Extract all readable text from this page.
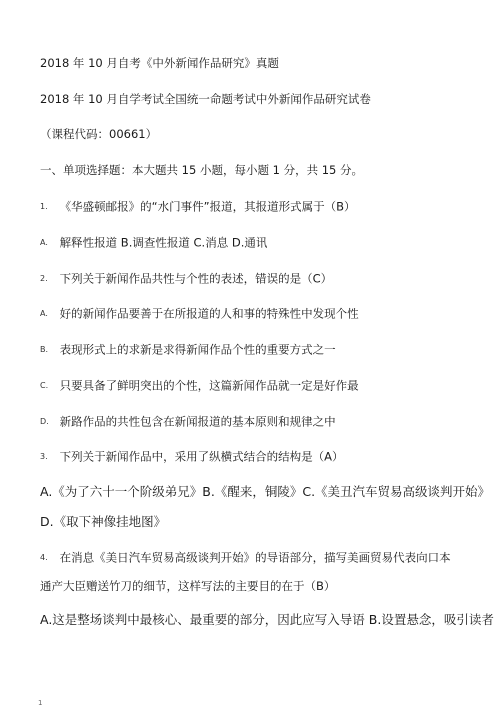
2018 年 10 月自考《中外新闻作品研究》真题
2018 年 10 月自学考试全国统一命题考试中外新闻作品研究试卷
（课程代码：00661）
一、单项选择题：本大题共 15 小题，每小题 1 分，共 15 分。
1. 《华盛顿邮报》的“水门事件”报道，其报道形式属于（B）
A. 解释性报道 B.调查性报道 C.消息 D.通讯
2. 下列关于新闻作品共性与个性的表述，错误的是（C）
A. 好的新闻作品要善于在所报道的人和事的特殊性中发现个性
B. 表现形式上的求新是求得新闻作品个性的重要方式之一
C. 只要具备了鲜明突出的个性，这篇新闻作品就一定是好作最
D. 新路作品的共性包含在新闻报道的基本原则和规律之中
3. 下列关于新闻作品中，采用了纵横式结合的结构是（A）
A.《为了六十一个阶级弟兄》B.《醒来，铜陵》C.《美丑汽车贸易高级谈判开始》
D.《取下神像挂地图》
4. 在消息《美日汽车贸易高级谈判开始》的导语部分，描写美画贸易代表向口本
通产大臣赠送竹刀的细节，这样写法的主要目的在于（B）
A.这是整场谈判中最核心、最重要的部分，因此应写入导语 B.设置悬念，吸引读者
1
